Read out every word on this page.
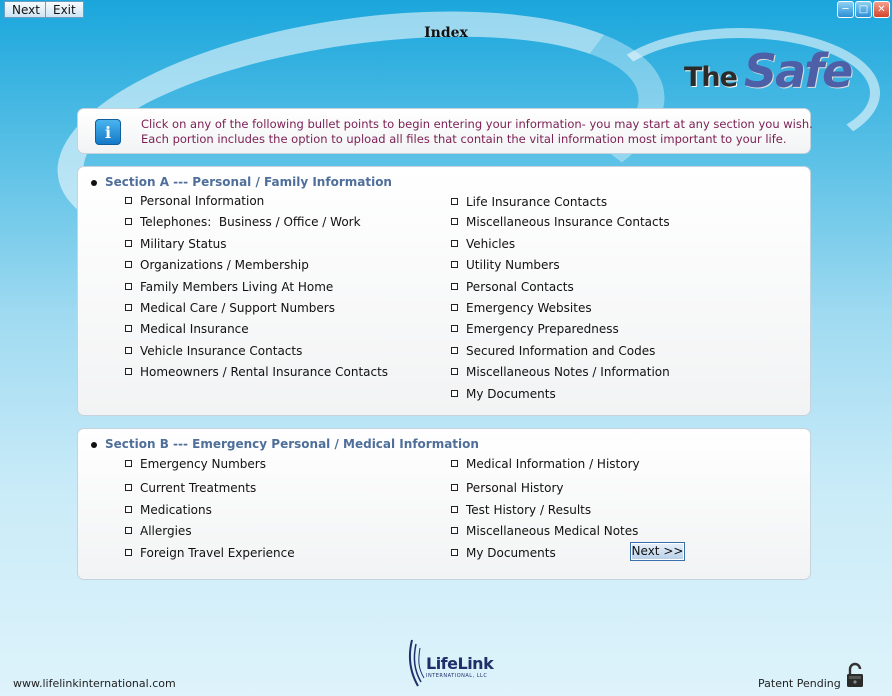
Next	Exit	─	□ ✕
Index
The Safe
i	Click on any of the following bullet points to begin entering your information- you may start at any section you wish.
Each portion includes the option to upload all files that contain the vital information most important to your life.
Section A --- Personal / Family Information
Personal Information
Telephones:  Business / Office / Work
Military Status
Organizations / Membership
Family Members Living At Home
Medical Care / Support Numbers
Medical Insurance
Vehicle Insurance Contacts
Homeowners / Rental Insurance Contacts
Life Insurance Contacts
Miscellaneous Insurance Contacts
Vehicles
Utility Numbers
Personal Contacts
Emergency Websites
Emergency Preparedness
Secured Information and Codes
Miscellaneous Notes / Information
My Documents
Section B --- Emergency Personal / Medical Information
Emergency Numbers
Current Treatments
Medications
Allergies
Foreign Travel Experience
Medical Information / History
Personal History
Test History / Results
Miscellaneous Medical Notes
My Documents	Next >>
www.lifelinkinternational.com
LifeLink
INTERNATIONAL, LLC
Patent Pending
